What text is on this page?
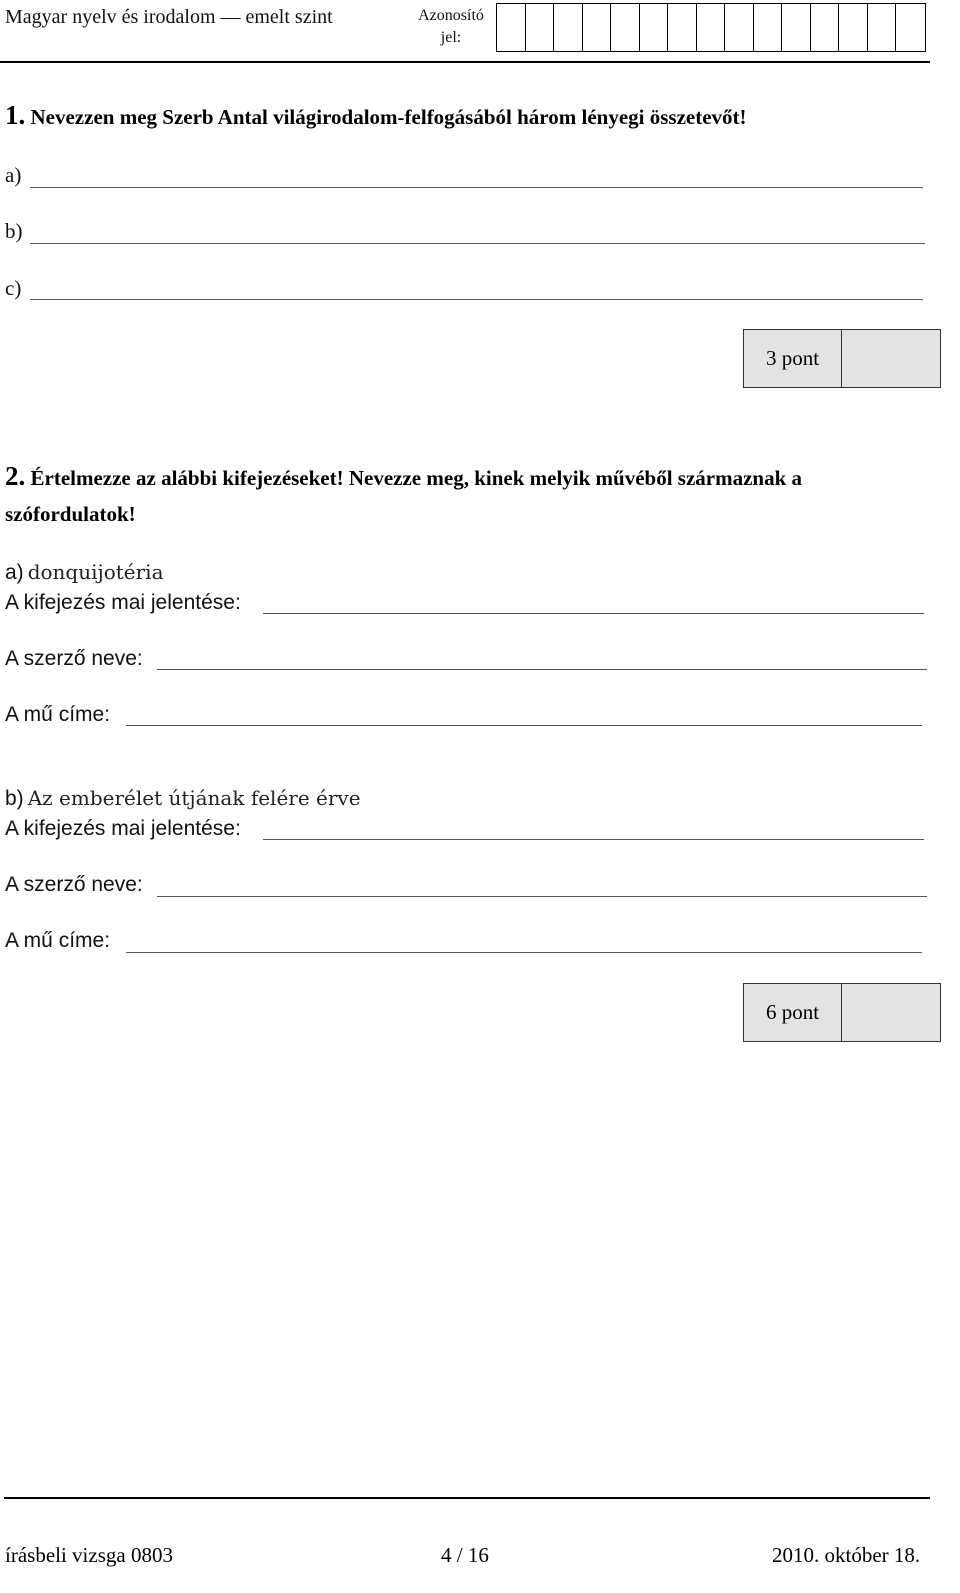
Magyar nyelv és irodalom — emelt szint	Azonosító jel:
1. Nevezzen meg Szerb Antal világirodalom-felfogásából három lényegi összetevőt!
a)
b)
c)
3 pont
2. Értelmezze az alábbi kifejezéseket! Nevezze meg, kinek melyik művéből származnak a szófordulatok!
a) donquijotéria
A kifejezés mai jelentése:
A szerző neve:
A mű címe:
b) Az emberélet útjának felére érve
A kifejezés mai jelentése:
A szerző neve:
A mű címe:
6 pont
írásbeli vizsga 0803	4 / 16	2010. október 18.
